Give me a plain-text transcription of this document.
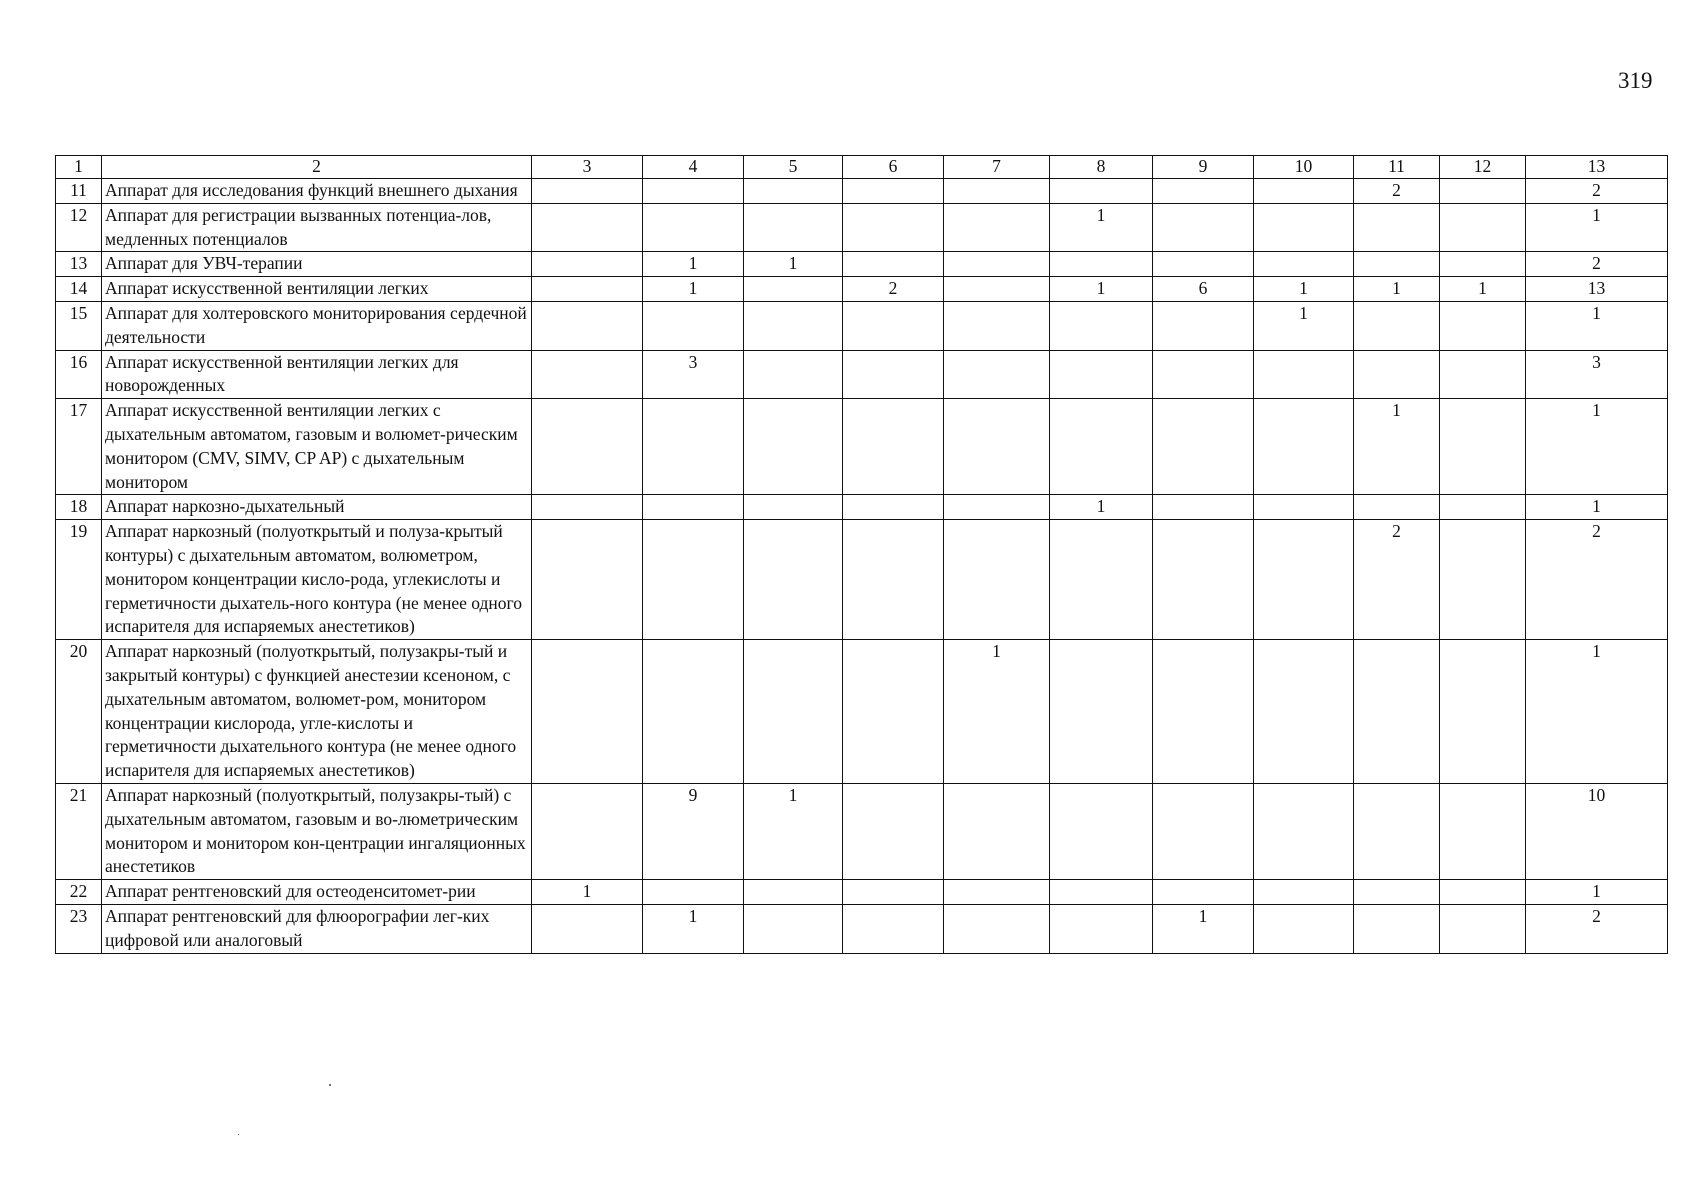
319
1	2	3	4	5	6	7	8	9	10	11	12	13
11	Аппарат для исследования функций внешнего дыхания									2		2
12	Аппарат для регистрации вызванных потенциа-лов, медленных потенциалов						1					1
13	Аппарат для УВЧ-терапии		1	1								2
14	Аппарат искусственной вентиляции легких		1		2		1	6	1	1	1	13
15	Аппарат для холтеровского мониторирования сердечной деятельности								1			1
16	Аппарат искусственной вентиляции легких для новорожденных		3									3
17	Аппарат искусственной вентиляции легких с дыхательным автоматом, газовым и волюмет-рическим монитором (CMV, SIMV, CP AP) с дыхательным монитором									1		1
18	Аппарат наркозно-дыхательный						1					1
19	Аппарат наркозный (полуоткрытый и полуза-крытый контуры) с дыхательным автоматом, волюметром, монитором концентрации кисло-рода, углекислоты и герметичности дыхатель-ного контура (не менее одного испарителя для испаряемых анестетиков)									2		2
20	Аппарат наркозный (полуоткрытый, полузакры-тый и закрытый контуры) с функцией анестезии ксеноном, с дыхательным автоматом, волюмет-ром, монитором концентрации кислорода, угле-кислоты и герметичности дыхательного контура (не менее одного испарителя для испаряемых анестетиков)					1						1
21	Аппарат наркозный (полуоткрытый, полузакры-тый) с дыхательным автоматом, газовым и во-люметрическим монитором и монитором кон-центрации ингаляционных анестетиков		9	1								10
22	Аппарат рентгеновский для остеоденситомет-рии	1										1
23	Аппарат рентгеновский для флюорографии лег-ких цифровой или аналоговый		1					1				2
